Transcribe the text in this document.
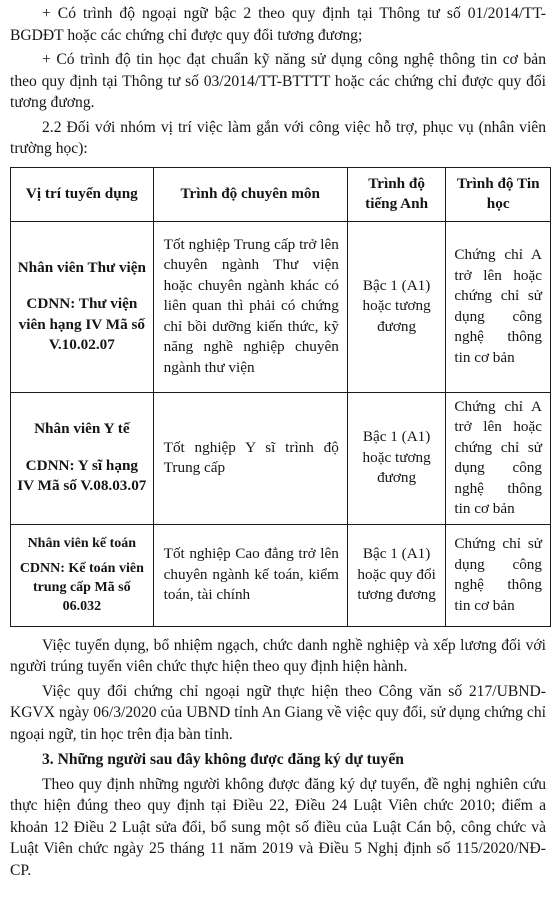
+ Có trình độ ngoại ngữ bậc 2 theo quy định tại Thông tư số 01/2014/TT-BGDĐT hoặc các chứng chỉ được quy đổi tương đương;

+ Có trình độ tin học đạt chuẩn kỹ năng sử dụng công nghệ thông tin cơ bản theo quy định tại Thông tư số 03/2014/TT-BTTTT hoặc các chứng chỉ được quy đổi tương đương.

2.2 Đối với nhóm vị trí việc làm gắn với công việc hỗ trợ, phục vụ (nhân viên trường học):

Vị trí tuyển dụng	Trình độ chuyên môn	Trình độ tiếng Anh	Trình độ Tin học

Nhân viên Thư viện
CDNN: Thư viện viên hạng IV Mã số V.10.02.07	Tốt nghiệp Trung cấp trở lên chuyên ngành Thư viện hoặc chuyên ngành khác có liên quan thì phải có chứng chỉ bồi dưỡng kiến thức, kỹ năng nghề nghiệp chuyên ngành thư viện	Bậc 1 (A1) hoặc tương đương	Chứng chỉ A trở lên hoặc chứng chỉ sử dụng công nghệ thông tin cơ bản

Nhân viên Y tế
CDNN: Y sĩ hạng IV Mã số V.08.03.07	Tốt nghiệp Y sĩ trình độ Trung cấp	Bậc 1 (A1) hoặc tương đương	Chứng chỉ A trở lên hoặc chứng chỉ sử dụng công nghệ thông tin cơ bản

Nhân viên kế toán
CDNN: Kế toán viên trung cấp Mã số 06.032	Tốt nghiệp Cao đẳng trở lên chuyên ngành kế toán, kiểm toán, tài chính	Bậc 1 (A1) hoặc quy đổi tương đương	Chứng chỉ sử dụng công nghệ thông tin cơ bản

Việc tuyển dụng, bổ nhiệm ngạch, chức danh nghề nghiệp và xếp lương đối với người trúng tuyển viên chức thực hiện theo quy định hiện hành.

Việc quy đổi chứng chỉ ngoại ngữ thực hiện theo Công văn số 217/UBND-KGVX ngày 06/3/2020 của UBND tỉnh An Giang về việc quy đổi, sử dụng chứng chỉ ngoại ngữ, tin học trên địa bàn tỉnh.

3. Những người sau đây không được đăng ký dự tuyển

Theo quy định những người không được đăng ký dự tuyển, đề nghị nghiên cứu thực hiện đúng theo quy định tại Điều 22, Điều 24 Luật Viên chức 2010; điểm a khoản 12 Điều 2 Luật sửa đổi, bổ sung một số điều của Luật Cán bộ, công chức và Luật Viên chức ngày 25 tháng 11 năm 2019 và Điều 5 Nghị định số 115/2020/NĐ-CP.
